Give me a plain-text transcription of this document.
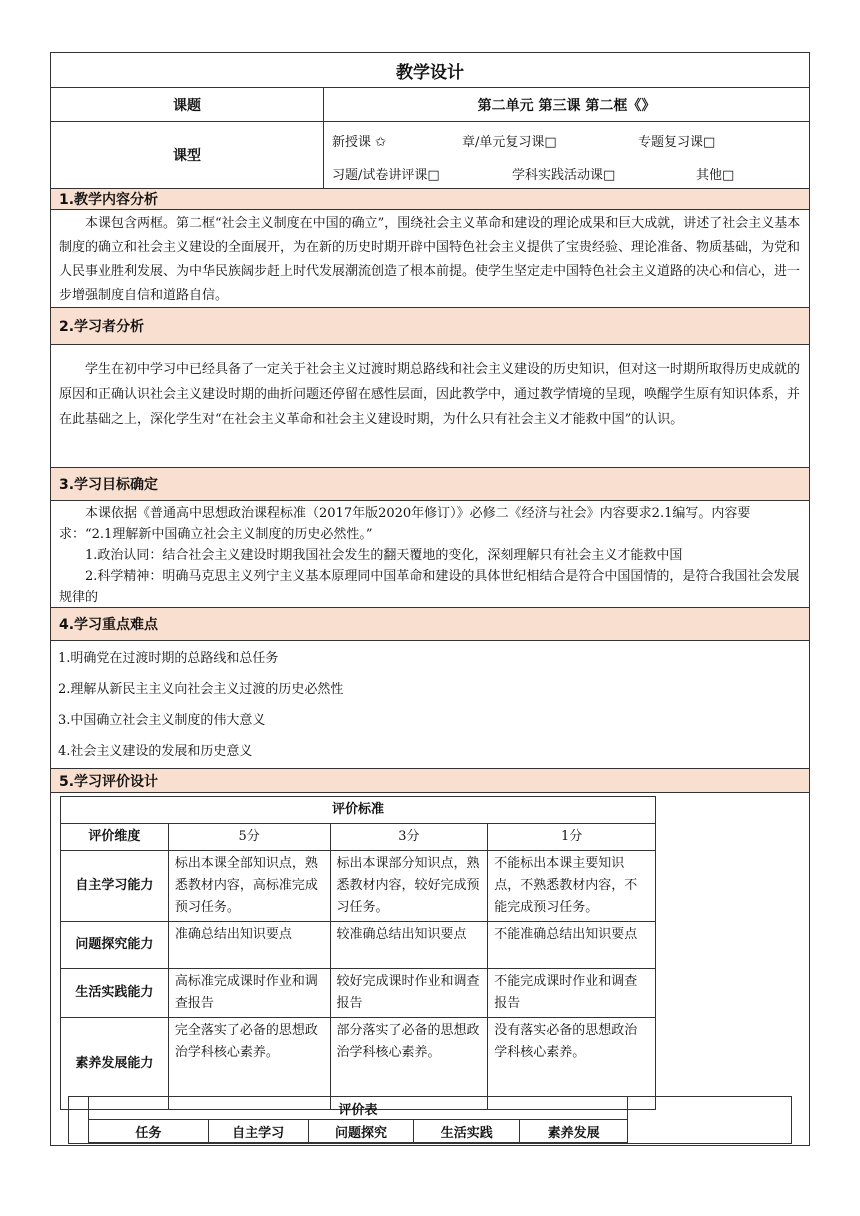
教学设计
课题	第二单元 第三课 第二框《》
课型
新授课 ✩	章/单元复习课□	专题复习课□
习题/试卷讲评课□	学科实践活动课□	其他□
1.教学内容分析

本课包含两框。第二框“社会主义制度在中国的确立”，围绕社会主义革命和建设的理论成果和巨大成就，讲述了社会主义基本制度的确立和社会主义建设的全面展开，为在新的历史时期开辟中国特色社会主义提供了宝贵经验、理论准备、物质基础，为党和人民事业胜利发展、为中华民族阔步赶上时代发展潮流创造了根本前提。使学生坚定走中国特色社会主义道路的决心和信心，进一步增强制度自信和道路自信。

2.学习者分析

学生在初中学习中已经具备了一定关于社会主义过渡时期总路线和社会主义建设的历史知识，但对这一时期所取得历史成就的原因和正确认识社会主义建设时期的曲折问题还停留在感性层面，因此教学中，通过教学情境的呈现，唤醒学生原有知识体系，并在此基础之上，深化学生对“在社会主义革命和社会主义建设时期，为什么只有社会主义才能救中国”的认识。

3.学习目标确定

本课依据《普通高中思想政治课程标准（2017年版2020年修订）》必修二《经济与社会》内容要求2.1编写。内容要求：“2.1理解新中国确立社会主义制度的历史必然性。”

1.政治认同：结合社会主义建设时期我国社会发生的翻天覆地的变化，深刻理解只有社会主义才能救中国

2.科学精神：明确马克思主义列宁主义基本原理同中国革命和建设的具体世纪相结合是符合中国国情的，是符合我国社会发展规律的

4.学习重点难点
1.明确党在过渡时期的总路线和总任务
2.理解从新民主主义向社会主义过渡的历史必然性
3.中国确立社会主义制度的伟大意义
4.社会主义建设的发展和历史意义
5.学习评价设计
评价标准			
评价维度	5分	3分	1分
自主学习能力	标出本课全部知识点，熟悉教材内容，高标准完成预习任务。	标出本课部分知识点，熟悉教材内容，较好完成预习任务。	不能标出本课主要知识点，不熟悉教材内容，不能完成预习任务。
问题探究能力	准确总结出知识要点	较准确总结出知识要点	不能准确总结出知识要点
生活实践能力	高标准完成课时作业和调查报告	较好完成课时作业和调查报告	不能完成课时作业和调查报告
素养发展能力	完全落实了必备的思想政治学科核心素养。	部分落实了必备的思想政治学科核心素养。	没有落实必备的思想政治学科核心素养。
评价表
任务	自主学习	问题探究	生活实践	素养发展
